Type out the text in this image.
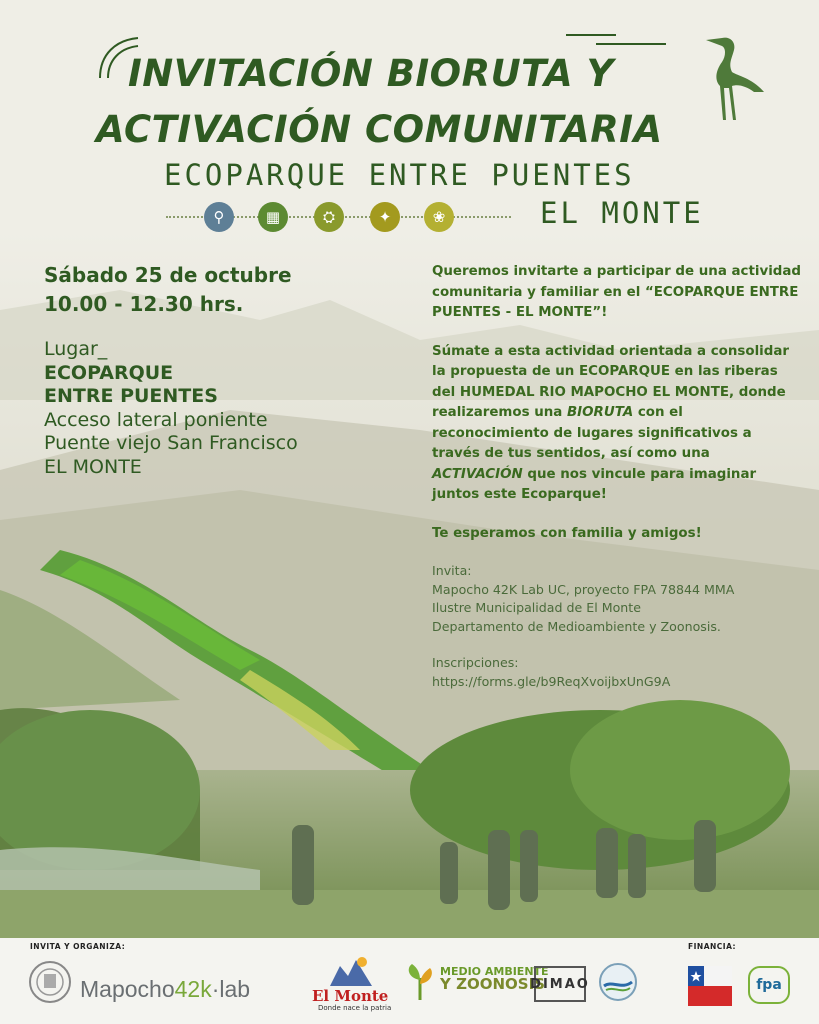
INVITACIÓN BIORUTA Y
ACTIVACIÓN COMUNITARIA
ECOPARQUE ENTRE PUENTES
EL MONTE
⚲	▦	⛭	✦	❀
Sábado 25 de octubre
10.00 - 12.30 hrs.
Lugar_
ECOPARQUE
ENTRE PUENTES
Acceso lateral poniente
Puente viejo San Francisco
EL MONTE

Queremos invitarte a participar de una actividad comunitaria y familiar en el “ECOPARQUE ENTRE PUENTES - EL MONTE”!

Súmate a esta actividad orientada a consolidar la propuesta de un ECOPARQUE en las riberas del HUMEDAL RIO MAPOCHO EL MONTE, donde realizaremos una BIORUTA con el reconocimiento de lugares significativos a través de tus sentidos, así como una ACTIVACIÓN que nos vincule para imaginar juntos este Ecoparque!

Te esperamos con familia y amigos!

Invita:
Mapocho 42K Lab UC, proyecto FPA 78844 MMA
Ilustre Municipalidad de El Monte
Departamento de Medioambiente y Zoonosis.
Inscripciones:
https://forms.gle/b9ReqXvoijbxUnG9A
INVITA Y ORGANIZA:	FINANCIA:
Mapocho42k·lab	El Monte
Donde nace la patria
MEDIO AMBIENTE
Y ZOONOSIS
DIMAO	fpa
